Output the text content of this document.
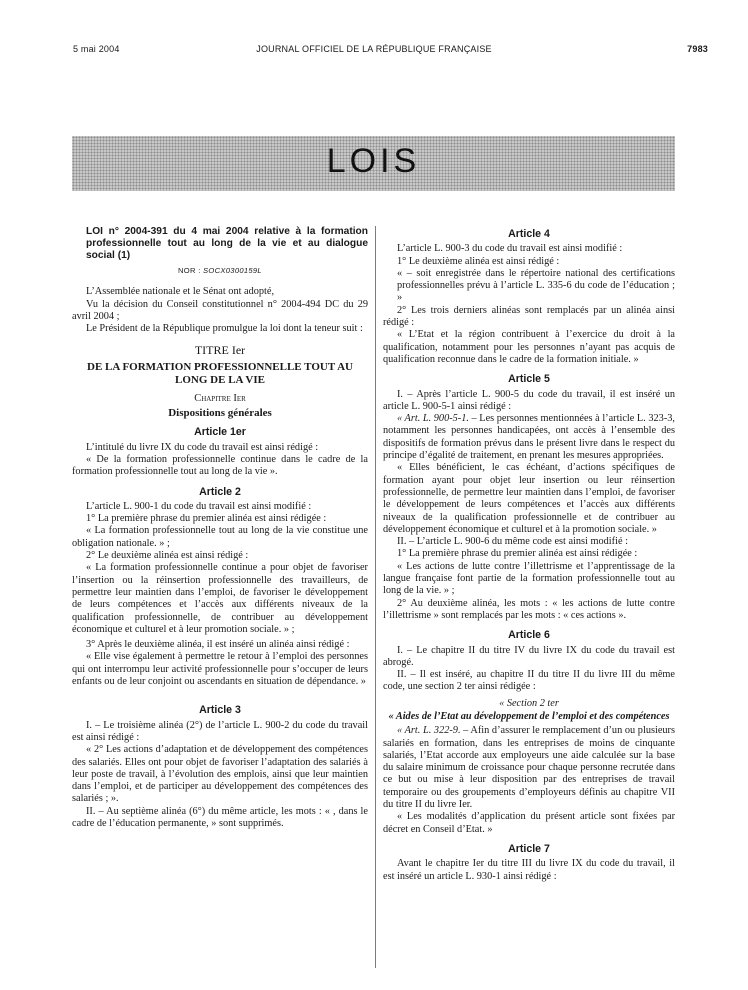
5 mai 2004	JOURNAL OFFICIEL DE LA RÉPUBLIQUE FRANÇAISE	7983
LOIS

LOI n° 2004-391 du 4 mai 2004 relative à la formation professionnelle tout au long de la vie et au dialogue social (1)

NOR : SOCX0300159L

L’Assemblée nationale et le Sénat ont adopté,

Vu la décision du Conseil constitutionnel n° 2004-494 DC du 29 avril 2004 ;

Le Président de la République promulgue la loi dont la teneur suit :

TITRE Ier

DE LA FORMATION PROFESSIONNELLE TOUT AU LONG DE LA VIE

Chapitre Ier

Dispositions générales

Article 1er

L’intitulé du livre IX du code du travail est ainsi rédigé :

« De la formation professionnelle continue dans le cadre de la formation professionnelle tout au long de la vie ».

Article 2

L’article L. 900-1 du code du travail est ainsi modifié :

1° La première phrase du premier alinéa est ainsi rédigée :

« La formation professionnelle tout au long de la vie constitue une obligation nationale. » ;

2° Le deuxième alinéa est ainsi rédigé :

« La formation professionnelle continue a pour objet de favoriser l’insertion ou la réinsertion professionnelle des travailleurs, de permettre leur maintien dans l’emploi, de favoriser le développement de leurs compétences et l’accès aux différents niveaux de la qualification professionnelle, de contribuer au développement économique et culturel et à leur promotion sociale. » ;

3° Après le deuxième alinéa, il est inséré un alinéa ainsi rédigé :

« Elle vise également à permettre le retour à l’emploi des personnes qui ont interrompu leur activité professionnelle pour s’occuper de leurs enfants ou de leur conjoint ou ascendants en situation de dépendance. »

Article 3

I. – Le troisième alinéa (2°) de l’article L. 900-2 du code du travail est ainsi rédigé :

« 2° Les actions d’adaptation et de développement des compétences des salariés. Elles ont pour objet de favoriser l’adaptation des salariés à leur poste de travail, à l’évolution des emplois, ainsi que leur maintien dans l’emploi, et de participer au développement des compétences des salariés ; ».

II. – Au septième alinéa (6°) du même article, les mots : « , dans le cadre de l’éducation permanente, » sont supprimés.

Article 4

L’article L. 900-3 du code du travail est ainsi modifié :

1° Le deuxième alinéa est ainsi rédigé :

« – soit enregistrée dans le répertoire national des certifications professionnelles prévu à l’article L. 335-6 du code de l’éducation ; »

2° Les trois derniers alinéas sont remplacés par un alinéa ainsi rédigé :

« L’Etat et la région contribuent à l’exercice du droit à la qualification, notamment pour les personnes n’ayant pas acquis de qualification reconnue dans le cadre de la formation initiale. »

Article 5

I. – Après l’article L. 900-5 du code du travail, il est inséré un article L. 900-5-1 ainsi rédigé :

« Art. L. 900-5-1. – Les personnes mentionnées à l’article L. 323-3, notamment les personnes handicapées, ont accès à l’ensemble des dispositifs de formation prévus dans le présent livre dans le respect du principe d’égalité de traitement, en prenant les mesures appropriées.

« Elles bénéficient, le cas échéant, d’actions spécifiques de formation ayant pour objet leur insertion ou leur réinsertion professionnelle, de permettre leur maintien dans l’emploi, de favoriser le développement de leurs compétences et l’accès aux différents niveaux de la qualification professionnelle et de contribuer au développement économique et culturel et à la promotion sociale. »

II. – L’article L. 900-6 du même code est ainsi modifié :

1° La première phrase du premier alinéa est ainsi rédigée :

« Les actions de lutte contre l’illettrisme et l’apprentissage de la langue française font partie de la formation professionnelle tout au long de la vie. » ;

2° Au deuxième alinéa, les mots : « les actions de lutte contre l’illettrisme » sont remplacés par les mots : « ces actions ».

Article 6

I. – Le chapitre II du titre IV du livre IX du code du travail est abrogé.

II. – Il est inséré, au chapitre II du titre II du livre III du même code, une section 2 ter ainsi rédigée :

« Section 2 ter

« Aides de l’Etat au développement de l’emploi et des compétences

« Art. L. 322-9. – Afin d’assurer le remplacement d’un ou plusieurs salariés en formation, dans les entreprises de moins de cinquante salariés, l’Etat accorde aux employeurs une aide calculée sur la base du salaire minimum de croissance pour chaque personne recrutée dans ce but ou mise à leur disposition par des entreprises de travail temporaire ou des groupements d’employeurs définis au chapitre VII du titre II du livre Ier.

« Les modalités d’application du présent article sont fixées par décret en Conseil d’Etat. »

Article 7

Avant le chapitre Ier du titre III du livre IX du code du travail, il est inséré un article L. 930-1 ainsi rédigé :
